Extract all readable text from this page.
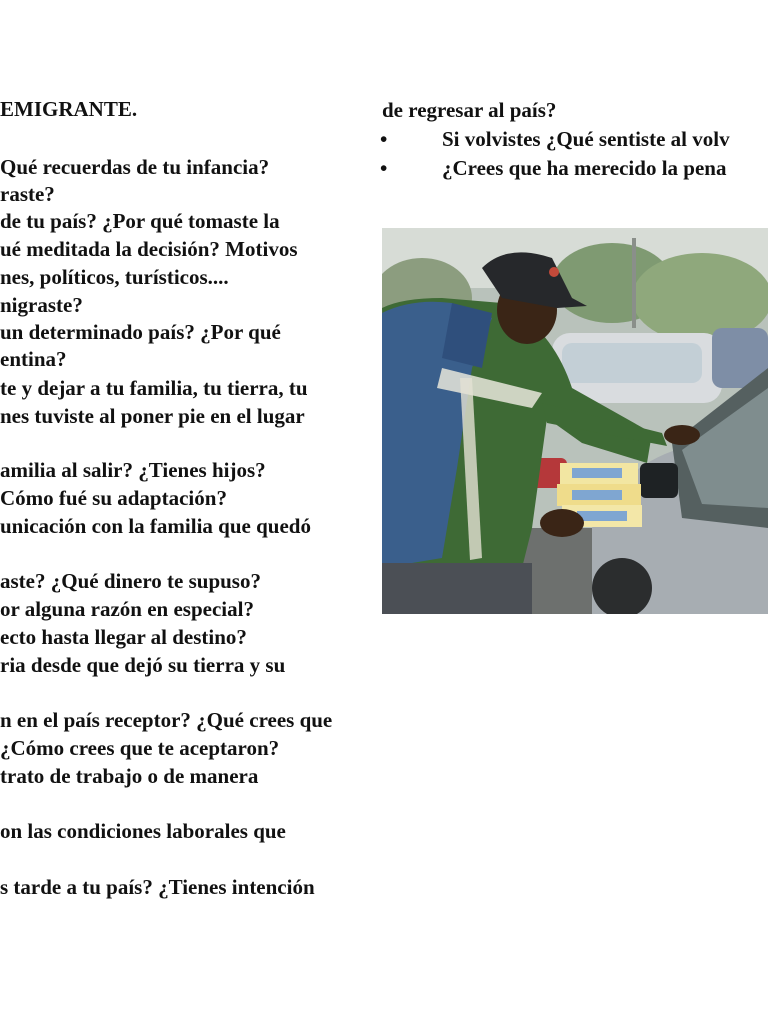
EMIGRANTE.
Qué recuerdas de tu infancia?
raste?
de tu país? ¿Por qué tomaste la
ué meditada la decisión? Motivos
nes, políticos, turísticos....
nigraste?
un determinado país? ¿Por qué
entina?
te y dejar a tu familia, tu tierra, tu
nes tuviste al poner pie en el lugar
amilia al salir? ¿Tienes hijos?
Cómo fué su adaptación?
unicación con la familia que quedó
aste? ¿Qué dinero te supuso?
or alguna razón en especial?
ecto hasta llegar al destino?
ria desde que dejó su tierra y su
n en el país receptor? ¿Qué crees que
¿Cómo crees que te aceptaron?
trato de trabajo o de manera
on las condiciones laborales que
s tarde a tu país? ¿Tienes intención
de regresar al país?
•	Si volvistes ¿Qué sentiste al volv
•	¿Crees que ha merecido la pena
